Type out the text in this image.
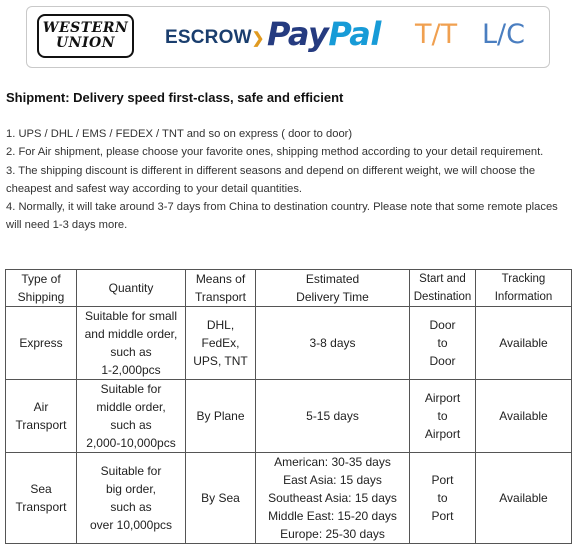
WESTERN
UNION	ESCROW❯ PayPal T/T L/C
Shipment: Delivery speed first-class, safe and efficient

1. UPS / DHL / EMS / FEDEX / TNT and so on express ( door to door)

2. For Air shipment, please choose your favorite ones, shipping method according to your detail requirement.

3. The shipping discount is different in different seasons and depend on different weight, we will choose the cheapest and safest way according to your detail quantities.

4. Normally, it will take around 3-7 days from China to destination country. Please note that some remote places will need 1-3 days more.

Type of
Shipping	Quantity	Means of
Transport	Estimated
Delivery Time	Start and
Destination	Tracking
Information

Express	Suitable for small
and middle order,
such as
1-2,000pcs	DHL,
FedEx,
UPS, TNT	3-8 days	Door
to
Door	Available

Air
Transport	Suitable for
middle order,
such as
2,000-10,000pcs	By Plane	5-15 days	Airport
to
Airport	Available

Sea
Transport	Suitable for
big order,
such as
over 10,000pcs	By Sea	American: 30-35 days
East Asia: 15 days
Southeast Asia: 15 days
Middle East: 15-20 days
Europe: 25-30 days	Port
to
Port	Available
